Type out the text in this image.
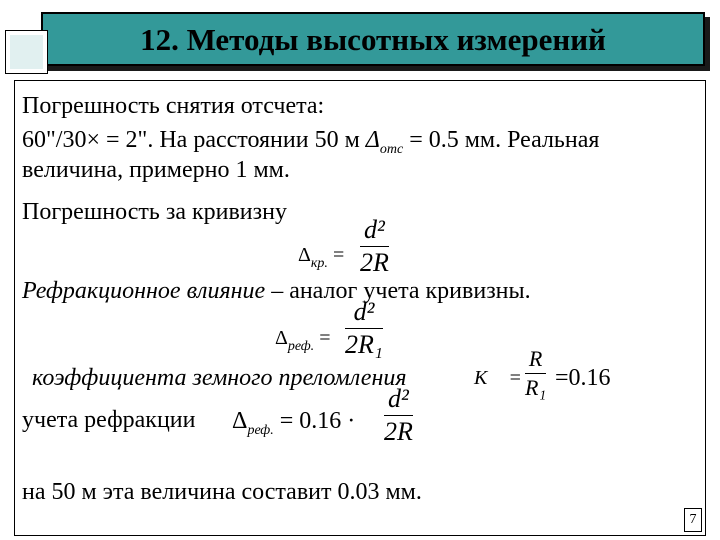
12. Методы высотных измерений
Погрешность снятия отсчета:
60"/30× = 2". На расстоянии 50 м $\Delta_{отс} = 0.5$ мм. Реальная
величина, примерно 1 мм.
Погрешность за кривизну
$\Delta_{кр.}$ =
d²
2R
Рефракционное влияние – аналог учета кривизны.
$\Delta_{реф.}$ =
d²
2R₁
коэффициента земного преломления	K =
R
R₁ =0.16
учета рефракции $\Delta_{реф.} = 0.16$ ·
d²
2R
на 50 м эта величина составит 0.03 мм.
7
